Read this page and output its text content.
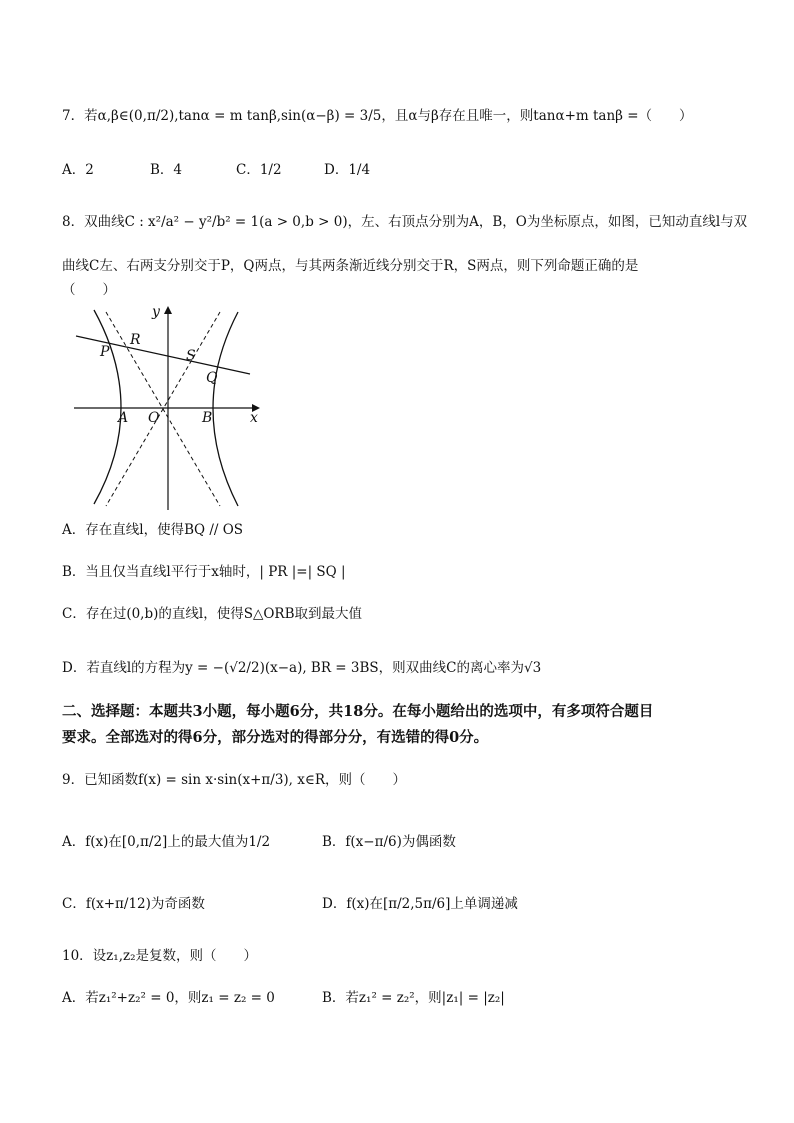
7．若α,β∈(0,π/2),tanα = m tanβ,sin(α−β) = 3/5，且α与β存在且唯一，则tanα+m tanβ =（　　）
A．2	B．4	C．1/2	D．1/4
8．双曲线C : x²/a² − y²/b² = 1(a > 0,b > 0)，左、右顶点分别为A，B，O为坐标原点，如图，已知动直线l与双
曲线C左、右两支分别交于P，Q两点，与其两条渐近线分别交于R，S两点，则下列命题正确的是
（　　）
P
R
S
Q
A O	B	x
y
A．存在直线l，使得BQ // OS
B．当且仅当直线l平行于x轴时，| PR |=| SQ |
C．存在过(0,b)的直线l，使得S△ORB取到最大值
D．若直线l的方程为y = −(√2/2)(x−a), BR = 3BS，则双曲线C的离心率为√3
二、选择题：本题共3小题，每小题6分，共18分。在每小题给出的选项中，有多项符合题目
要求。全部选对的得6分，部分选对的得部分分，有选错的得0分。
9．已知函数f(x) = sin x·sin(x+π/3), x∈R，则（　　）
A．f(x)在[0,π/2]上的最大值为1/2	B．f(x−π/6)为偶函数
C．f(x+π/12)为奇函数	D．f(x)在[π/2,5π/6]上单调递减
10．设z₁,z₂是复数，则（　　）
A．若z₁²+z₂² = 0，则z₁ = z₂ = 0	B．若z₁² = z₂²，则|z₁| = |z₂|
